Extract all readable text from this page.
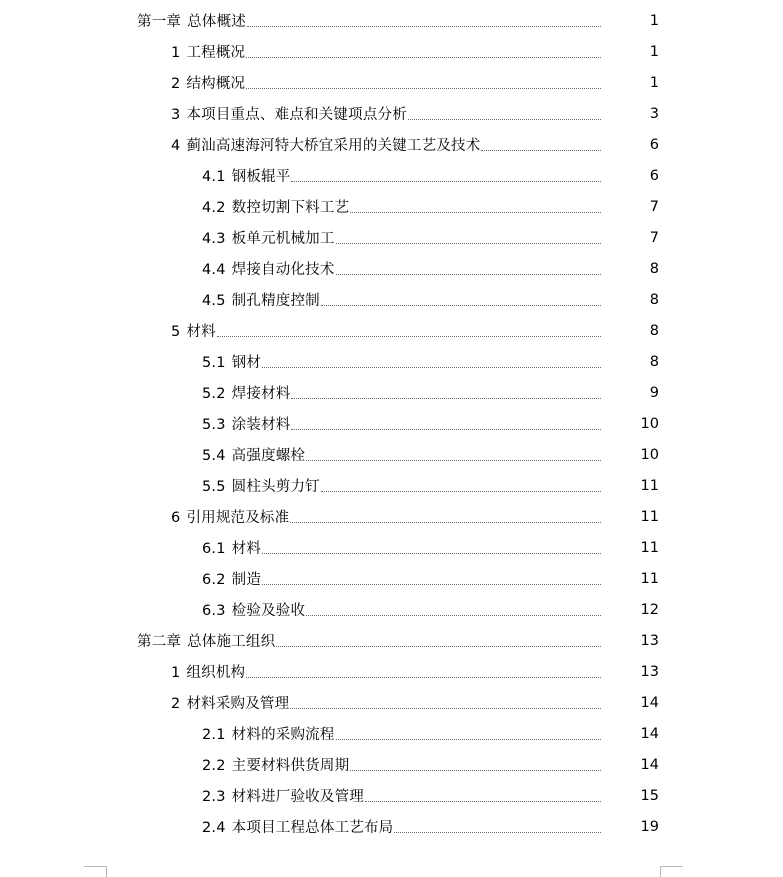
第一章 总体概述	1
1 工程概况	1
2 结构概况	1
3 本项目重点、难点和关键项点分析	3
4 蓟汕高速海河特大桥宜采用的关键工艺及技术	6
4.1 钢板辊平	6
4.2 数控切割下料工艺	7
4.3 板单元机械加工	7
4.4 焊接自动化技术	8
4.5 制孔精度控制	8
5 材料	8
5.1 钢材	8
5.2 焊接材料	9
5.3 涂装材料	10
5.4 高强度螺栓	10
5.5 圆柱头剪力钉	11
6 引用规范及标准	11
6.1 材料	11
6.2 制造	11
6.3 检验及验收	12
第二章 总体施工组织	13
1 组织机构	13
2 材料采购及管理	14
2.1 材料的采购流程	14
2.2 主要材料供货周期	14
2.3 材料进厂验收及管理	15
2.4 本项目工程总体工艺布局	19
